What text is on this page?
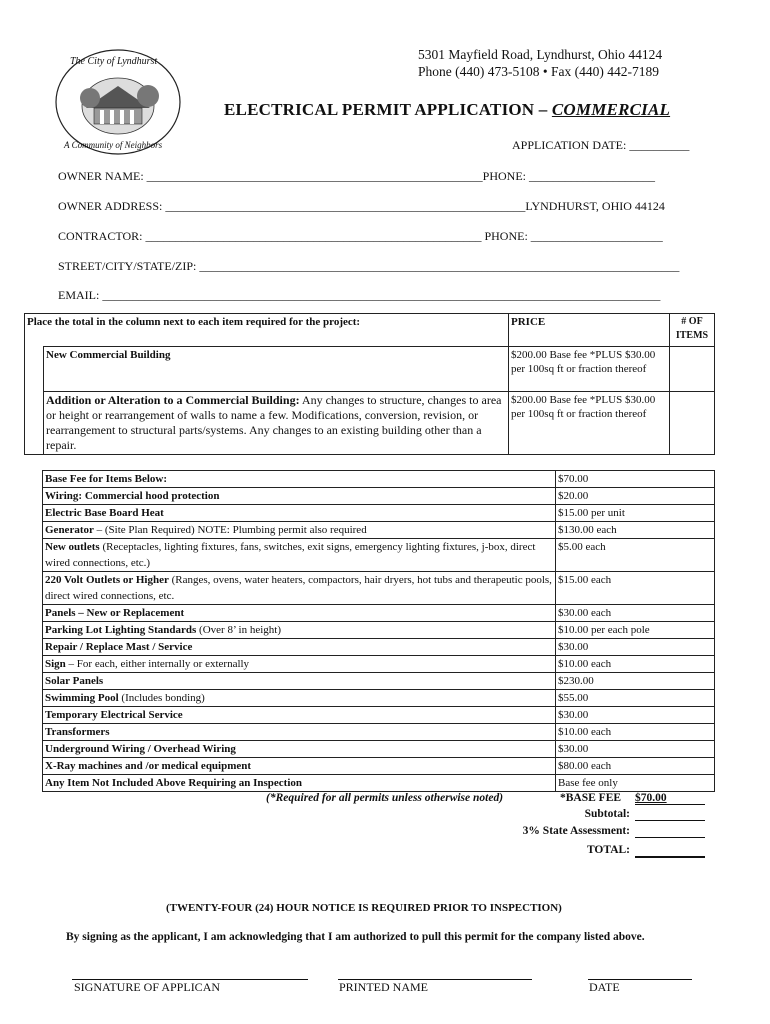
The City of Lyndhurst
A Community of Neighbors
5301 Mayfield Road, Lyndhurst, Ohio 44124
Phone (440) 473-5108 • Fax (440) 442-7189
ELECTRICAL PERMIT APPLICATION – COMMERCIAL
APPLICATION DATE: __________
OWNER NAME: ________________________________________________________PHONE: _____________________
OWNER ADDRESS: ____________________________________________________________LYNDHURST, OHIO 44124
CONTRACTOR: ________________________________________________________ PHONE: ______________________
STREET/CITY/STATE/ZIP: ________________________________________________________________________________
EMAIL: _____________________________________________________________________________________________
Place the total in the column next to each item required for the project:		PRICE	# OF ITEMS
	New Commercial Building	$200.00 Base fee *PLUS $30.00 per 100sq ft or fraction thereof	
	Addition or Alteration to a Commercial Building: Any changes to structure, changes to area or height or rearrangement of walls to name a few. Modifications, conversion, revision, or rearrangement to structural parts/systems. Any changes to an existing building other than a repair.	$200.00 Base fee *PLUS $30.00 per 100sq ft or fraction thereof	
Base Fee for Items Below:	$70.00
Wiring: Commercial hood protection	$20.00
Electric Base Board Heat	$15.00 per unit
Generator – (Site Plan Required) NOTE: Plumbing permit also required	$130.00 each
New outlets (Receptacles, lighting fixtures, fans, switches, exit signs, emergency lighting fixtures, j-box, direct wired connections, etc.)	$5.00 each
220 Volt Outlets or Higher (Ranges, ovens, water heaters, compactors, hair dryers, hot tubs and therapeutic pools, direct wired connections, etc.	$15.00 each
Panels – New or Replacement	$30.00 each
Parking Lot Lighting Standards (Over 8’ in height)	$10.00 per each pole
Repair / Replace Mast / Service	$30.00
Sign – For each, either internally or externally	$10.00 each
Solar Panels	$230.00
Swimming Pool (Includes bonding)	$55.00
Temporary Electrical Service	$30.00
Transformers	$10.00 each
Underground Wiring / Overhead Wiring	$30.00
X-Ray machines and /or medical equipment	$80.00 each
Any Item Not Included Above Requiring an Inspection	Base fee only
(*Required for all permits unless otherwise noted)	*BASE FEE $70.00
Subtotal:
3% State Assessment:
TOTAL:
(TWENTY-FOUR (24) HOUR NOTICE IS REQUIRED PRIOR TO INSPECTION)
By signing as the applicant, I am acknowledging that I am authorized to pull this permit for the company listed above.
SIGNATURE OF APPLICAN	PRINTED NAME	DATE
